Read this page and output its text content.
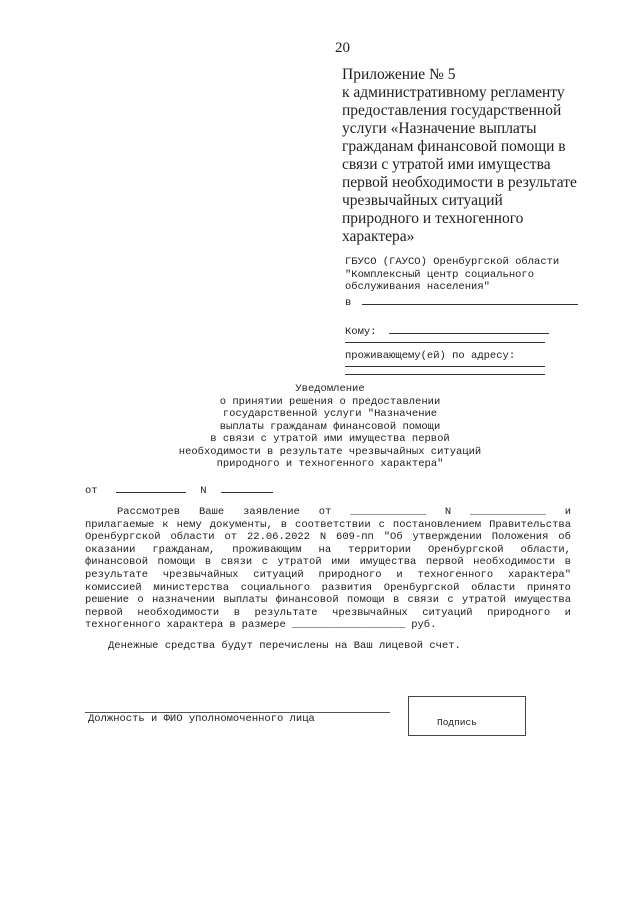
20
Приложение № 5
к административному регламенту
предоставления государственной
услуги «Назначение выплаты
гражданам финансовой помощи в
связи с утратой ими имущества
первой необходимости в результате
чрезвычайных ситуаций
природного и техногенного
характера»
ГБУСО (ГАУСО) Оренбургской области
"Комплексный центр социального
обслуживания населения"
в
Кому:
проживающему(ей) по адресу:
Уведомление
о принятии решения о предоставлении
государственной услуги "Назначение
выплаты гражданам финансовой помощи
в связи с утратой ими имущества первой
необходимости в результате чрезвычайных ситуаций
природного и техногенного характера"
от	N
Рассмотрев Ваше заявление от ____________ N ____________ и
прилагаемые к нему документы, в соответствии с постановлением Правительства
Оренбургской области от 22.06.2022 N 609-пп "Об утверждении Положения об
оказании гражданам, проживающим на территории Оренбургской области,
финансовой помощи в связи с утратой ими имущества первой необходимости в
результате чрезвычайных ситуаций природного и техногенного характера"
комиссией министерства социального развития Оренбургской области принято
решение о назначении выплаты финансовой помощи в связи с утратой имущества
первой необходимости в результате чрезвычайных ситуаций природного и
техногенного характера в размере __________________ руб.
Денежные средства будут перечислены на Ваш лицевой счет.
Должность и ФИО уполномоченного лица	Подпись
